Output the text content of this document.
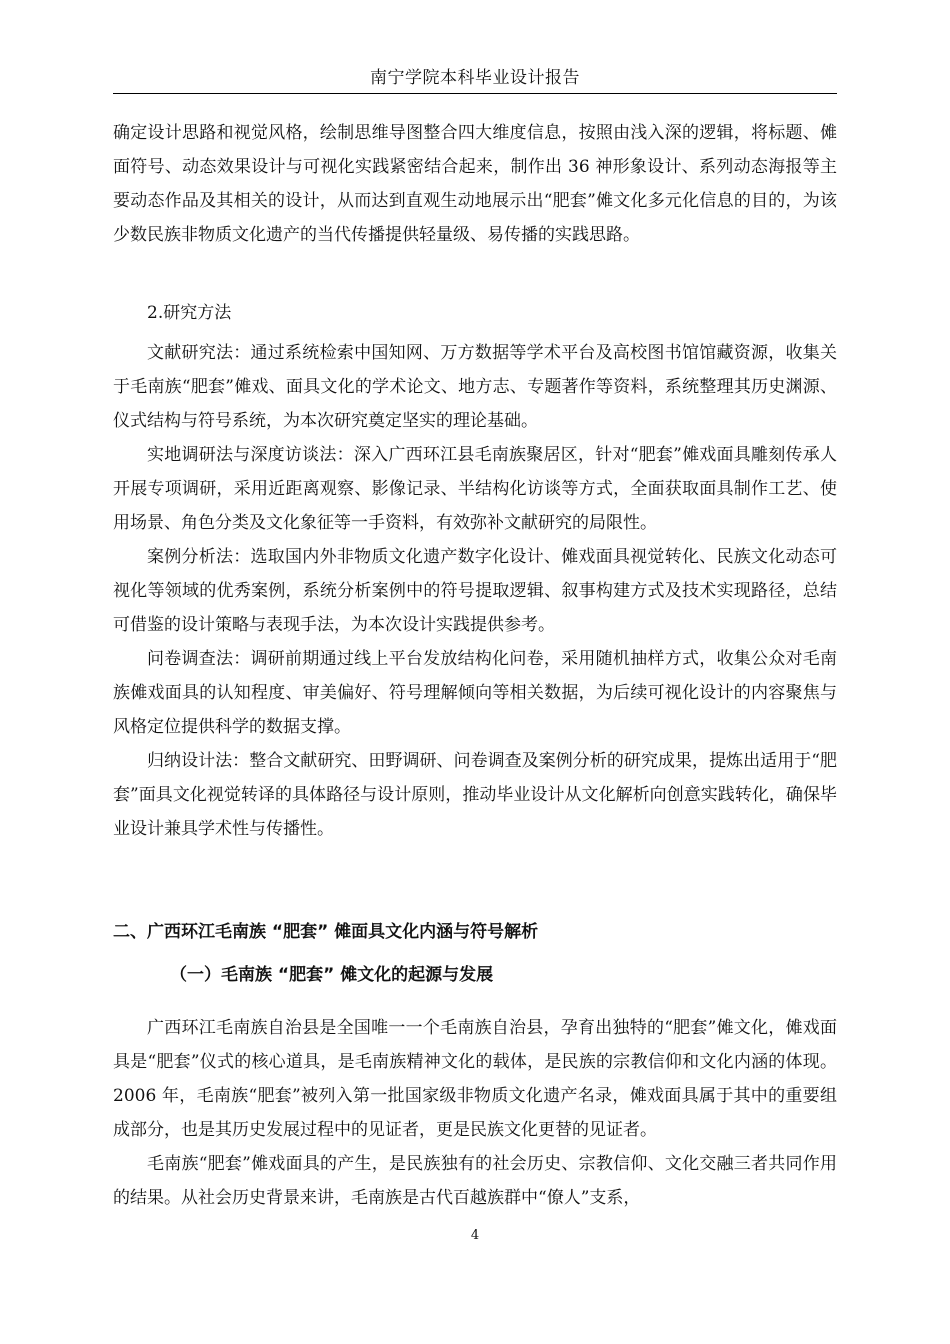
南宁学院本科毕业设计报告

确定设计思路和视觉风格，绘制思维导图整合四大维度信息，按照由浅入深的逻辑，将标题、傩面符号、动态效果设计与可视化实践紧密结合起来，制作出 36 神形象设计、系列动态海报等主要动态作品及其相关的设计，从而达到直观生动地展示出“肥套”傩文化多元化信息的目的，为该少数民族非物质文化遗产的当代传播提供轻量级、易传播的实践思路。

2.研究方法

文献研究法：通过系统检索中国知网、万方数据等学术平台及高校图书馆馆藏资源，收集关于毛南族“肥套”傩戏、面具文化的学术论文、地方志、专题著作等资料，系统整理其历史渊源、仪式结构与符号系统，为本次研究奠定坚实的理论基础。

实地调研法与深度访谈法：深入广西环江县毛南族聚居区，针对“肥套”傩戏面具雕刻传承人开展专项调研，采用近距离观察、影像记录、半结构化访谈等方式，全面获取面具制作工艺、使用场景、角色分类及文化象征等一手资料，有效弥补文献研究的局限性。

案例分析法：选取国内外非物质文化遗产数字化设计、傩戏面具视觉转化、民族文化动态可视化等领域的优秀案例，系统分析案例中的符号提取逻辑、叙事构建方式及技术实现路径，总结可借鉴的设计策略与表现手法，为本次设计实践提供参考。

问卷调查法：调研前期通过线上平台发放结构化问卷，采用随机抽样方式，收集公众对毛南族傩戏面具的认知程度、审美偏好、符号理解倾向等相关数据，为后续可视化设计的内容聚焦与风格定位提供科学的数据支撑。

归纳设计法：整合文献研究、田野调研、问卷调查及案例分析的研究成果，提炼出适用于“肥套”面具文化视觉转译的具体路径与设计原则，推动毕业设计从文化解析向创意实践转化，确保毕业设计兼具学术性与传播性。

二、广西环江毛南族 “肥套” 傩面具文化内涵与符号解析
（一）毛南族 “肥套” 傩文化的起源与发展

广西环江毛南族自治县是全国唯一一个毛南族自治县，孕育出独特的“肥套”傩文化，傩戏面具是“肥套”仪式的核心道具，是毛南族精神文化的载体，是民族的宗教信仰和文化内涵的体现。2006 年，毛南族“肥套”被列入第一批国家级非物质文化遗产名录，傩戏面具属于其中的重要组成部分，也是其历史发展过程中的见证者，更是民族文化更替的见证者。

毛南族“肥套”傩戏面具的产生，是民族独有的社会历史、宗教信仰、文化交融三者共同作用的结果。从社会历史背景来讲，毛南族是古代百越族群中“僚人”支系，

4
